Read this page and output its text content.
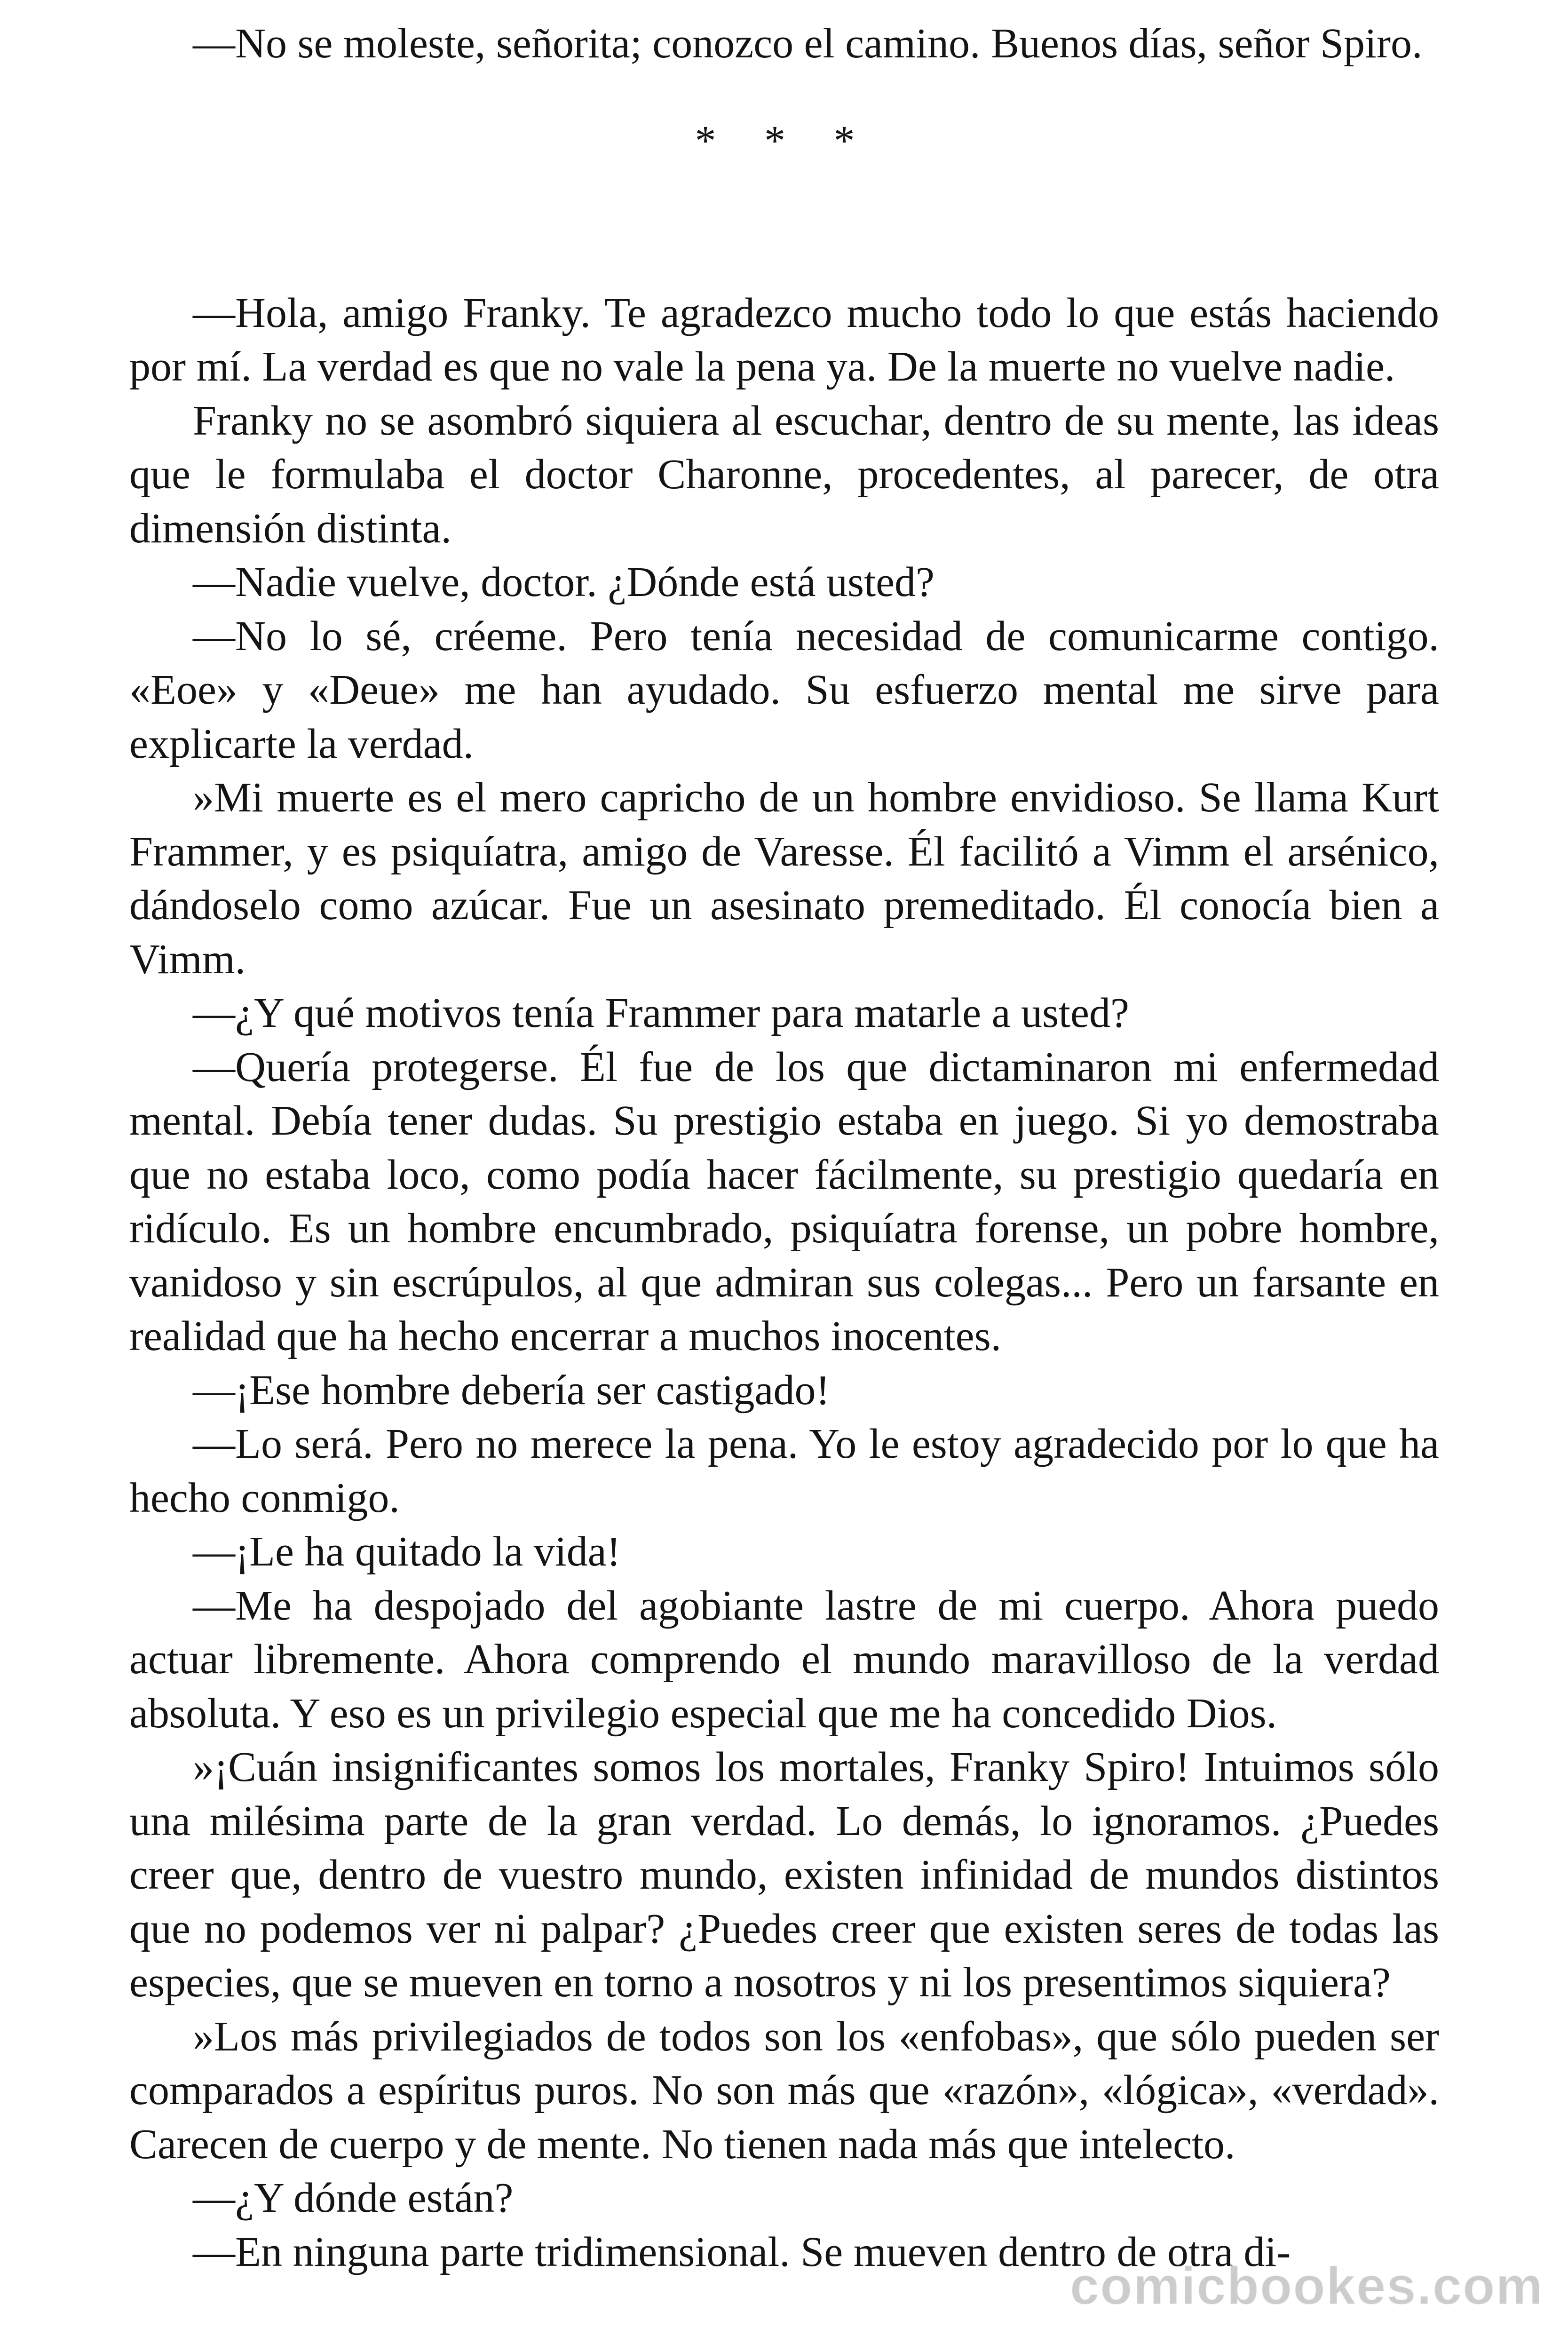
—No se moleste, señorita; conozco el camino. Buenos días, señor Spiro.

* * *

—Hola, amigo Franky. Te agradezco mucho todo lo que estás haciendo por mí. La verdad es que no vale la pena ya. De la muerte no vuelve nadie.

Franky no se asombró siquiera al escuchar, dentro de su mente, las ideas que le formulaba el doctor Charonne, procedentes, al parecer, de otra dimensión distinta.

—Nadie vuelve, doctor. ¿Dónde está usted?

—No lo sé, créeme. Pero tenía necesidad de comunicarme contigo. «Eoe» y «Deue» me han ayudado. Su esfuerzo mental me sirve para explicarte la verdad.

»Mi muerte es el mero capricho de un hombre envidioso. Se llama Kurt Frammer, y es psiquíatra, amigo de Varesse. Él facilitó a Vimm el arsénico, dándoselo como azúcar. Fue un asesinato premeditado. Él conocía bien a Vimm.

—¿Y qué motivos tenía Frammer para matarle a usted?

—Quería protegerse. Él fue de los que dictaminaron mi enfermedad mental. Debía tener dudas. Su prestigio estaba en juego. Si yo demostraba que no estaba loco, como podía hacer fácilmente, su prestigio quedaría en ridículo. Es un hombre encumbrado, psiquíatra forense, un pobre hombre, vanidoso y sin escrúpulos, al que admiran sus colegas... Pero un farsante en realidad que ha hecho encerrar a muchos inocentes.

—¡Ese hombre debería ser castigado!

—Lo será. Pero no merece la pena. Yo le estoy agradecido por lo que ha hecho conmigo.

—¡Le ha quitado la vida!

—Me ha despojado del agobiante lastre de mi cuerpo. Ahora puedo actuar libremente. Ahora comprendo el mundo maravilloso de la verdad absoluta. Y eso es un privilegio especial que me ha concedido Dios.

»¡Cuán insignificantes somos los mortales, Franky Spiro! Intuimos sólo una milésima parte de la gran verdad. Lo demás, lo ignoramos. ¿Puedes creer que, dentro de vuestro mundo, existen infinidad de mundos distintos que no podemos ver ni palpar? ¿Puedes creer que existen seres de todas las especies, que se mueven en torno a nosotros y ni los presentimos siquiera?

»Los más privilegiados de todos son los «enfobas», que sólo pueden ser comparados a espíritus puros. No son más que «razón», «lógica», «verdad». Carecen de cuerpo y de mente. No tienen nada más que intelecto.

—¿Y dónde están?

—En ninguna parte tridimensional. Se mueven dentro de otra di-

comicbookes.com
